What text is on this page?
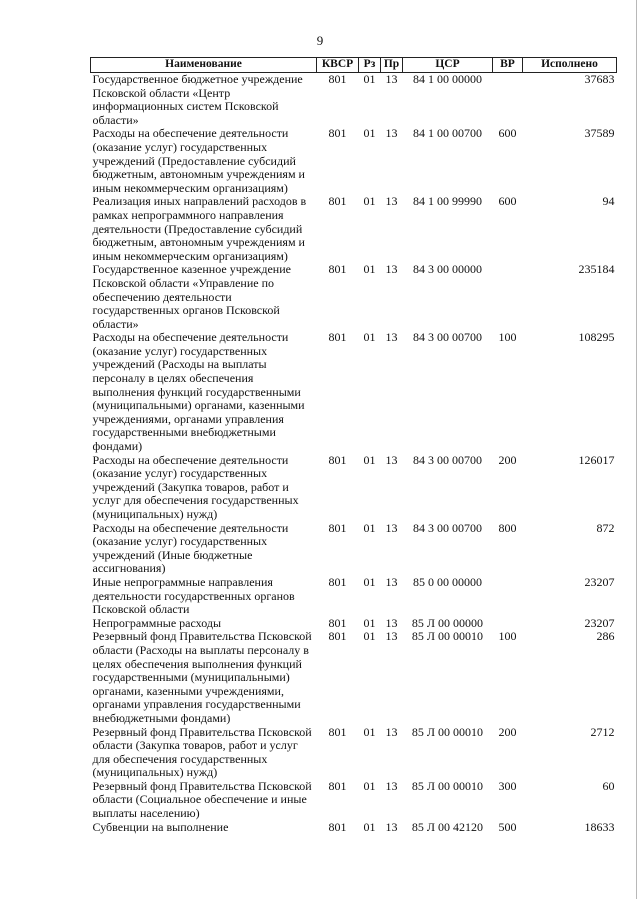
9
Наименование	КВСР	Рз	Пр	ЦСР	ВР	Исполнено
Государственное бюджетное учреждение Псковской области «Центр информационных систем Псковской области»	801	01	13	84 1 00 00000		37683
Расходы на обеспечение деятельности (оказание услуг) государственных учреждений (Предоставление субсидий бюджетным, автономным учреждениям и иным некоммерческим организациям)	801	01	13	84 1 00 00700	600	37589
Реализация иных направлений расходов в рамках непрограммного направления деятельности (Предоставление субсидий бюджетным, автономным учреждениям и иным некоммерческим организациям)	801	01	13	84 1 00 99990	600	94
Государственное казенное учреждение Псковской области «Управление по обеспечению деятельности государственных органов Псковской области»	801	01	13	84 3 00 00000		235184
Расходы на обеспечение деятельности (оказание услуг) государственных учреждений (Расходы на выплаты персоналу в целях обеспечения выполнения функций государственными (муниципальными) органами, казенными учреждениями, органами управления государственными внебюджетными фондами)	801	01	13	84 3 00 00700	100	108295
Расходы на обеспечение деятельности (оказание услуг) государственных учреждений (Закупка товаров, работ и услуг для обеспечения государственных (муниципальных) нужд)	801	01	13	84 3 00 00700	200	126017
Расходы на обеспечение деятельности (оказание услуг) государственных учреждений (Иные бюджетные ассигнования)	801	01	13	84 3 00 00700	800	872
Иные непрограммные направления деятельности государственных органов Псковской области	801	01	13	85 0 00 00000		23207
Непрограммные расходы	801	01	13	85 Л 00 00000		23207
Резервный фонд Правительства Псковской области (Расходы на выплаты персоналу в целях обеспечения выполнения функций государственными (муниципальными) органами, казенными учреждениями, органами управления государственными внебюджетными фондами)	801	01	13	85 Л 00 00010	100	286
Резервный фонд Правительства Псковской области (Закупка товаров, работ и услуг для обеспечения государственных (муниципальных) нужд)	801	01	13	85 Л 00 00010	200	2712
Резервный фонд Правительства Псковской области (Социальное обеспечение и иные выплаты населению)	801	01	13	85 Л 00 00010	300	60
Субвенции на выполнение	801	01	13	85 Л 00 42120	500	18633
